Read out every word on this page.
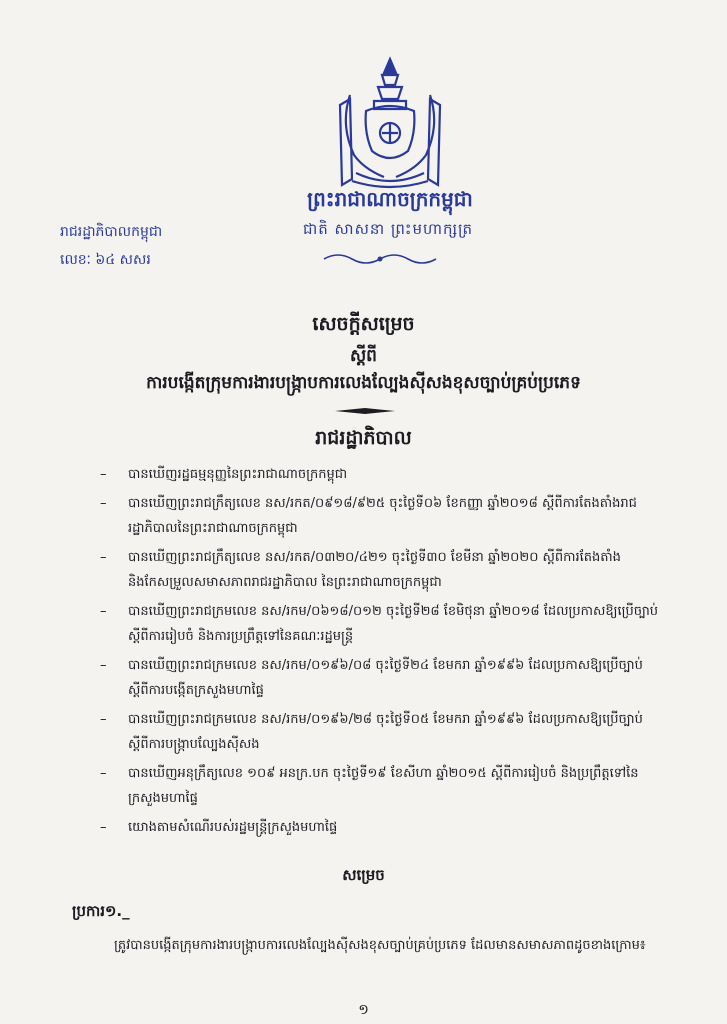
ព្រះរាជាណាចក្រកម្ពុជា
ជាតិ សាសនា ព្រះមហាក្សត្រ
រាជរដ្ឋាភិបាលកម្ពុជា
លេខៈ ៦៤ សសរ
សេចក្តីសម្រេច
ស្តីពី
ការបង្កើតក្រុមការងារបង្ក្រាបការលេងល្បែងស៊ីសងខុសច្បាប់គ្រប់ប្រភេទ
រាជរដ្ឋាភិបាល
– បានឃើញរដ្ឋធម្មនុញ្ញនៃព្រះរាជាណាចក្រកម្ពុជា
– បានឃើញព្រះរាជក្រឹត្យលេខ នស/រកត/០៩១៨/៩២៥ ចុះថ្ងៃទី០៦ ខែកញ្ញា ឆ្នាំ២០១៨ ស្តីពីការតែងតាំងរាជរដ្ឋាភិបាលនៃព្រះរាជាណាចក្រកម្ពុជា
– បានឃើញព្រះរាជក្រឹត្យលេខ នស/រកត/០៣២០/៤២១ ចុះថ្ងៃទី៣០ ខែមីនា ឆ្នាំ២០២០ ស្តីពីការតែងតាំង និងកែសម្រួលសមាសភាពរាជរដ្ឋាភិបាល នៃព្រះរាជាណាចក្រកម្ពុជា
– បានឃើញព្រះរាជក្រមលេខ នស/រកម/០៦១៨/០១២ ចុះថ្ងៃទី២៨ ខែមិថុនា ឆ្នាំ២០១៨ ដែលប្រកាសឱ្យប្រើច្បាប់ស្តីពីការរៀបចំ និងការប្រព្រឹត្តទៅនៃគណៈរដ្ឋមន្ត្រី
– បានឃើញព្រះរាជក្រមលេខ នស/រកម/០១៩៦/០៨ ចុះថ្ងៃទី២៤ ខែមករា ឆ្នាំ១៩៩៦ ដែលប្រកាសឱ្យប្រើច្បាប់ស្តីពីការបង្កើតក្រសួងមហាផ្ទៃ
– បានឃើញព្រះរាជក្រមលេខ នស/រកម/០១៩៦/២៨ ចុះថ្ងៃទី០៥ ខែមករា ឆ្នាំ១៩៩៦ ដែលប្រកាសឱ្យប្រើច្បាប់ស្តីពីការបង្ក្រាបល្បែងស៊ីសង
– បានឃើញអនុក្រឹត្យលេខ ១០៩ អនក្រ.បក ចុះថ្ងៃទី១៩ ខែសីហា ឆ្នាំ២០១៥ ស្តីពីការរៀបចំ និងប្រព្រឹត្តទៅនៃក្រសួងមហាផ្ទៃ
– យោងតាមសំណើរបស់រដ្ឋមន្ត្រីក្រសួងមហាផ្ទៃ
សម្រេច
ប្រការ១._
ត្រូវបានបង្កើតក្រុមការងារបង្ក្រាបការលេងល្បែងស៊ីសងខុសច្បាប់គ្រប់ប្រភេទ ដែលមានសមាសភាពដូចខាងក្រោម៖
១
